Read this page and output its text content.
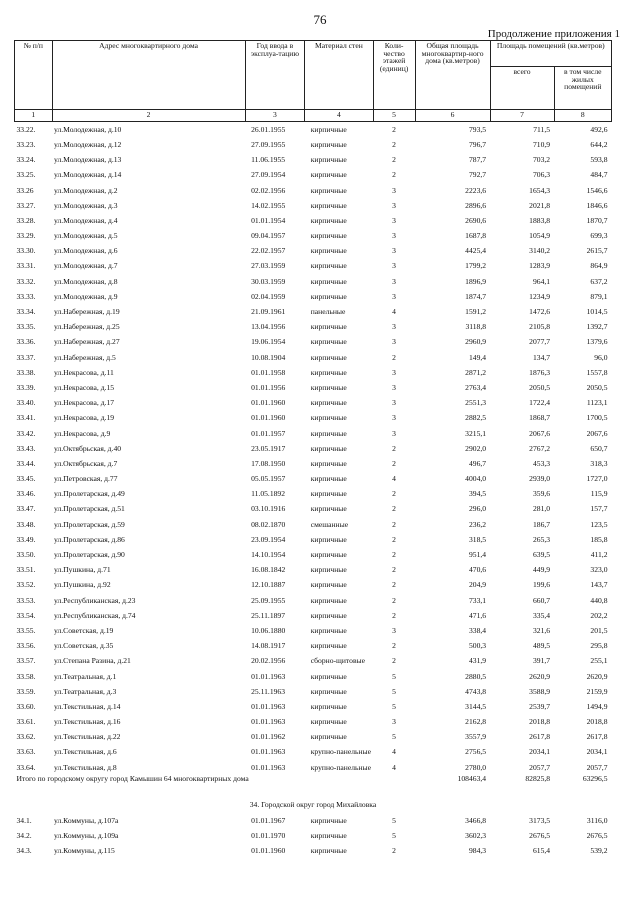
76
Продолжение приложения 1
№ п/п	Адрес многоквартирного дома	Год ввода в эксплуа-тацию	Материал стен	Коли-чество этажей (единиц)	Общая площадь многоквартир-ного дома (кв.метров)	Площадь помещений (кв.метров)	
						всего	в том числе жилых помещений
1	2	3	4	5	6	7	8
33.22.	ул.Молодежная, д.10	26.01.1955	кирпичные	2	793,5	711,5	492,6
33.23.	ул.Молодежная, д.12	27.09.1955	кирпичные	2	796,7	710,9	644,2
33.24.	ул.Молодежная, д.13	11.06.1955	кирпичные	2	787,7	703,2	593,8
33.25.	ул.Молодежная, д.14	27.09.1954	кирпичные	2	792,7	706,3	484,7
33.26	ул.Молодежная, д.2	02.02.1956	кирпичные	3	2223,6	1654,3	1546,6
33.27.	ул.Молодежная, д.3	14.02.1955	кирпичные	3	2896,6	2021,8	1846,6
33.28.	ул.Молодежная, д.4	01.01.1954	кирпичные	3	2690,6	1883,8	1870,7
33.29.	ул.Молодежная, д.5	09.04.1957	кирпичные	3	1687,8	1054,9	699,3
33.30.	ул.Молодежная, д.6	22.02.1957	кирпичные	3	4425,4	3140,2	2615,7
33.31.	ул.Молодежная, д.7	27.03.1959	кирпичные	3	1799,2	1283,9	864,9
33.32.	ул.Молодежная, д.8	30.03.1959	кирпичные	3	1896,9	964,1	637,2
33.33.	ул.Молодежная, д.9	02.04.1959	кирпичные	3	1874,7	1234,9	879,1
33.34.	ул.Набережная, д.19	21.09.1961	панельные	4	1591,2	1472,6	1014,5
33.35.	ул.Набережная, д.25	13.04.1956	кирпичные	3	3118,8	2105,8	1392,7
33.36.	ул.Набережная, д.27	19.06.1954	кирпичные	3	2960,9	2077,7	1379,6
33.37.	ул.Набережная, д.5	10.08.1904	кирпичные	2	149,4	134,7	96,0
33.38.	ул.Некрасова, д.11	01.01.1958	кирпичные	3	2871,2	1876,3	1557,8
33.39.	ул.Некрасова, д.15	01.01.1956	кирпичные	3	2763,4	2050,5	2050,5
33.40.	ул.Некрасова, д.17	01.01.1960	кирпичные	3	2551,3	1722,4	1123,1
33.41.	ул.Некрасова, д.19	01.01.1960	кирпичные	3	2882,5	1868,7	1700,5
33.42.	ул.Некрасова, д.9	01.01.1957	кирпичные	3	3215,1	2067,6	2067,6
33.43.	ул.Октябрьская, д.40	23.05.1917	кирпичные	2	2902,0	2767,2	650,7
33.44.	ул.Октябрьская, д.7	17.08.1950	кирпичные	2	496,7	453,3	318,3
33.45.	ул.Петровская, д.77	05.05.1957	кирпичные	4	4004,0	2939,0	1727,0
33.46.	ул.Пролетарская, д.49	11.05.1892	кирпичные	2	394,5	359,6	115,9
33.47.	ул.Пролетарская, д.51	03.10.1916	кирпичные	2	296,0	281,0	157,7
33.48.	ул.Пролетарская, д.59	08.02.1870	смешанные	2	236,2	186,7	123,5
33.49.	ул.Пролетарская, д.86	23.09.1954	кирпичные	2	318,5	265,3	185,8
33.50.	ул.Пролетарская, д.90	14.10.1954	кирпичные	2	951,4	639,5	411,2
33.51.	ул.Пушкина, д.71	16.08.1842	кирпичные	2	470,6	449,9	323,0
33.52.	ул.Пушкина, д.92	12.10.1887	кирпичные	2	204,9	199,6	143,7
33.53.	ул.Республиканская, д.23	25.09.1955	кирпичные	2	733,1	660,7	440,8
33.54.	ул.Республиканская, д.74	25.11.1897	кирпичные	2	471,6	335,4	202,2
33.55.	ул.Советская, д.19	10.06.1880	кирпичные	3	338,4	321,6	201,5
33.56.	ул.Советская, д.35	14.08.1917	кирпичные	2	500,3	489,5	295,8
33.57.	ул.Степана Разина, д.21	20.02.1956	сборно-щитовые	2	431,9	391,7	255,1
33.58.	ул.Театральная, д.1	01.01.1963	кирпичные	5	2880,5	2620,9	2620,9
33.59.	ул.Театральная, д.3	25.11.1963	кирпичные	5	4743,8	3588,9	2159,9
33.60.	ул.Текстильная, д.14	01.01.1963	кирпичные	5	3144,5	2539,7	1494,9
33.61.	ул.Текстильная, д.16	01.01.1963	кирпичные	3	2162,8	2018,8	2018,8
33.62.	ул.Текстильная, д.22	01.01.1962	кирпичные	5	3557,9	2617,8	2617,8
33.63.	ул.Текстильная, д.6	01.01.1963	крупно-панельные	4	2756,5	2034,1	2034,1
33.64.	ул.Текстильная, д.8	01.01.1963	крупно-панельные	4	2780,0	2057,7	2057,7
Итого по городскому округу город Камышин 64 многоквартирных дома					108463,4	82825,8	63296,5
34. Городской округ город Михайловка							
34.1.	ул.Коммуны, д.107а	01.01.1967	кирпичные	5	3466,8	3173,5	3116,0
34.2.	ул.Коммуны, д.109а	01.01.1970	кирпичные	5	3602,3	2676,5	2676,5
34.3.	ул.Коммуны, д.115	01.01.1960	кирпичные	2	984,3	615,4	539,2
